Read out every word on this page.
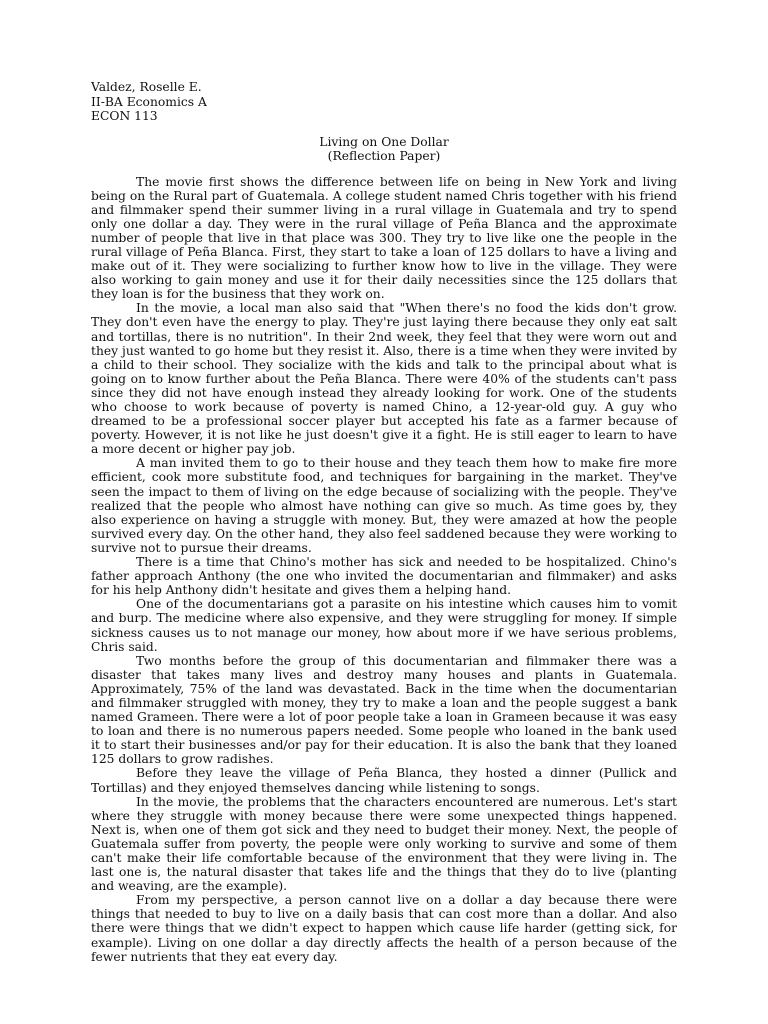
Valdez, Roselle E.
II-BA Economics A
ECON 113
Living on One Dollar
(Reflection Paper)

The movie first shows the difference between life on being in New York and living being on the Rural part of Guatemala. A college student named Chris together with his friend and filmmaker spend their summer living in a rural village in Guatemala and try to spend only one dollar a day. They were in the rural village of Peña Blanca and the approximate number of people that live in that place was 300. They try to live like one the people in the rural village of Peña Blanca. First, they start to take a loan of 125 dollars to have a living and make out of it. They were socializing to further know how to live in the village. They were also working to gain money and use it for their daily necessities since the 125 dollars that they loan is for the business that they work on.

In the movie, a local man also said that "When there's no food the kids don't grow. They don't even have the energy to play. They're just laying there because they only eat salt and tortillas, there is no nutrition". In their 2nd week, they feel that they were worn out and they just wanted to go home but they resist it. Also, there is a time when they were invited by a child to their school. They socialize with the kids and talk to the principal about what is going on to know further about the Peña Blanca. There were 40% of the students can't pass since they did not have enough instead they already looking for work. One of the students who choose to work because of poverty is named Chino, a 12-year-old guy. A guy who dreamed to be a professional soccer player but accepted his fate as a farmer because of poverty. However, it is not like he just doesn't give it a fight. He is still eager to learn to have a more decent or higher pay job.

A man invited them to go to their house and they teach them how to make fire more efficient, cook more substitute food, and techniques for bargaining in the market. They've seen the impact to them of living on the edge because of socializing with the people. They've realized that the people who almost have nothing can give so much. As time goes by, they also experience on having a struggle with money. But, they were amazed at how the people survived every day. On the other hand, they also feel saddened because they were working to survive not to pursue their dreams.

There is a time that Chino's mother has sick and needed to be hospitalized. Chino's father approach Anthony (the one who invited the documentarian and filmmaker) and asks for his help Anthony didn't hesitate and gives them a helping hand.

One of the documentarians got a parasite on his intestine which causes him to vomit and burp. The medicine where also expensive, and they were struggling for money. If simple sickness causes us to not manage our money, how about more if we have serious problems, Chris said.

Two months before the group of this documentarian and filmmaker there was a disaster that takes many lives and destroy many houses and plants in Guatemala. Approximately, 75% of the land was devastated. Back in the time when the documentarian and filmmaker struggled with money, they try to make a loan and the people suggest a bank named Grameen. There were a lot of poor people take a loan in Grameen because it was easy to loan and there is no numerous papers needed. Some people who loaned in the bank used it to start their businesses and/or pay for their education. It is also the bank that they loaned 125 dollars to grow radishes.

Before they leave the village of Peña Blanca, they hosted a dinner (Pullick and Tortillas) and they enjoyed themselves dancing while listening to songs.

In the movie, the problems that the characters encountered are numerous. Let's start where they struggle with money because there were some unexpected things happened. Next is, when one of them got sick and they need to budget their money. Next, the people of Guatemala suffer from poverty, the people were only working to survive and some of them can't make their life comfortable because of the environment that they were living in. The last one is, the natural disaster that takes life and the things that they do to live (planting and weaving, are the example).

From my perspective, a person cannot live on a dollar a day because there were things that needed to buy to live on a daily basis that can cost more than a dollar. And also there were things that we didn't expect to happen which cause life harder (getting sick, for example). Living on one dollar a day directly affects the health of a person because of the fewer nutrients that they eat every day.
